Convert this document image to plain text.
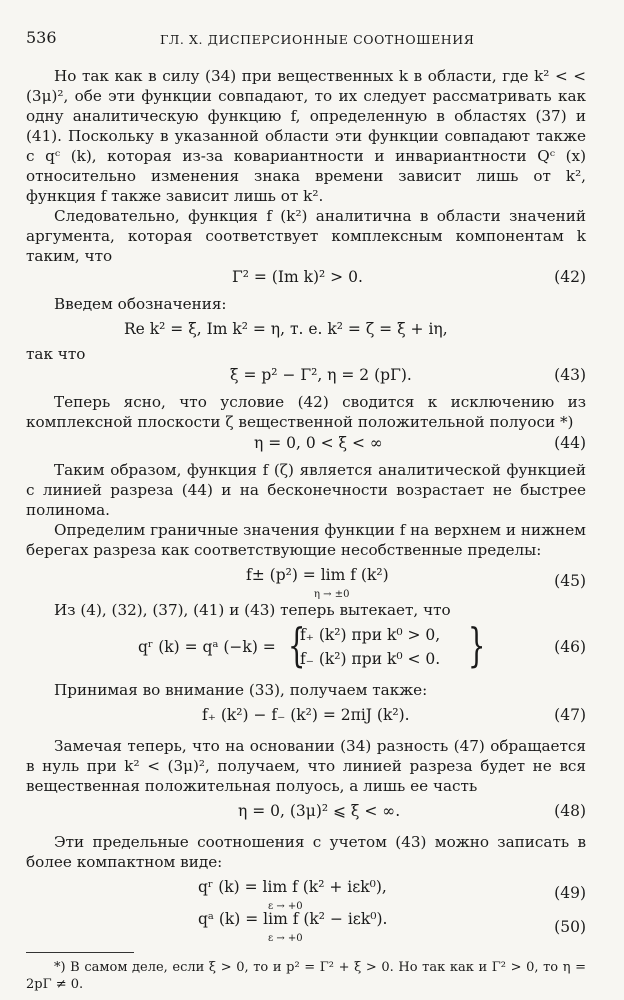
536	ГЛ. X. ДИСПЕРСИОННЫЕ СООТНОШЕНИЯ

Но так как в силу (34) при вещественных k в области, где k² < < (3μ)², обе эти функции совпадают, то их следует рассматривать как одну аналитическую функцию f, определенную в областях (37) и (41). Поскольку в указанной области эти функции совпадают также с qᶜ (k), которая из-за ковариантности и инвариантности Qᶜ (x) относительно изменения знака времени зависит лишь от k², функция f также зависит лишь от k².

Следовательно, функция f (k²) аналитична в области значений аргумента, которая соответствует комплексным компонентам k таким, что

Γ² = (Im k)² > 0.	(42)

Введем обозначения:

Re k² = ξ, Im k² = η, т. е. k² = ζ = ξ + iη,

так что

ξ = p² − Γ², η = 2 (pΓ).	(43)

Теперь ясно, что условие (42) сводится к исключению из комплексной плоскости ζ вещественной положительной полуоси *)

η = 0, 0 < ξ < ∞	(44)

Таким образом, функция f (ζ) является аналитической функцией с линией разреза (44) и на бесконечности возрастает не быстрее полинома.

Определим граничные значения функции f на верхнем и нижнем берегах разреза как соответствующие несобственные пределы:

f± (p²) = lim f (k²)
η → ±0
(45)

Из (4), (32), (37), (41) и (43) теперь вытекает, что

qʳ (k) = qᵃ (−k) = {
f₊ (k²) при k⁰ > 0,
f₋ (k²) при k⁰ < 0. }	(46)

Принимая во внимание (33), получаем также:

f₊ (k²) − f₋ (k²) = 2πiJ (k²).	(47)

Замечая теперь, что на основании (34) разность (47) обращается в нуль при k² < (3μ)², получаем, что линией разреза будет не вся вещественная положительная полуось, а лишь ее часть

η = 0, (3μ)² ⩽ ξ < ∞.	(48)

Эти предельные соотношения с учетом (43) можно записать в более компактном виде:

qʳ (k) = lim f (k² + iεk⁰),
ε → +0
(49)
qᵃ (k) = lim f (k² − iεk⁰).
ε → +0
(50)

*) В самом деле, если ξ > 0, то и p² = Γ² + ξ > 0. Но так как и Γ² > 0, то η = 2pΓ ≠ 0.
